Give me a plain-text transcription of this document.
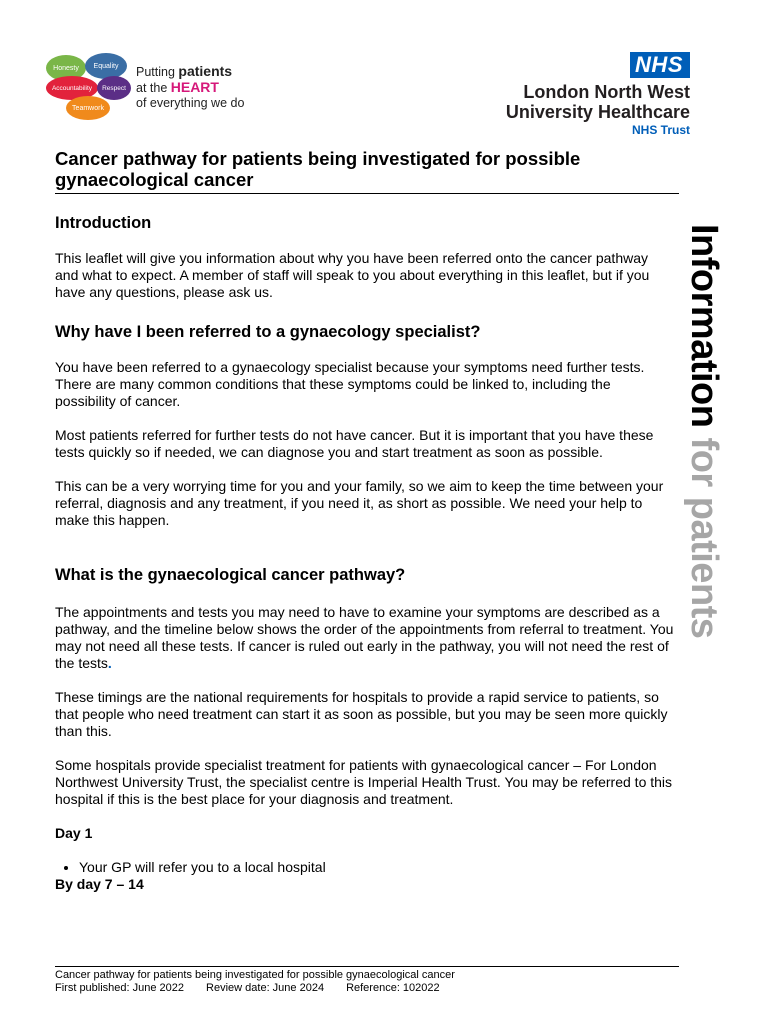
Honesty Equality
Accountability Respect
Teamwork
Putting patients
at the HEART
of everything we do
NHS
London North West
University Healthcare
NHS Trust
Cancer pathway for patients being investigated for possible gynaecological cancer
Information for patients
Introduction

This leaflet will give you information about why you have been referred onto the cancer pathway and what to expect. A member of staff will speak to you about everything in this leaflet, but if you have any questions, please ask us.

Why have I been referred to a gynaecology specialist?

You have been referred to a gynaecology specialist because your symptoms need further tests. There are many common conditions that these symptoms could be linked to, including the possibility of cancer.

Most patients referred for further tests do not have cancer. But it is important that you have these tests quickly so if needed, we can diagnose you and start treatment as soon as possible.

This can be a very worrying time for you and your family, so we aim to keep the time between your referral, diagnosis and any treatment, if you need it, as short as possible. We need your help to make this happen.

What is the gynaecological cancer pathway?

The appointments and tests you may need to have to examine your symptoms are described as a pathway, and the timeline below shows the order of the appointments from referral to treatment. You may not need all these tests. If cancer is ruled out early in the pathway, you will not need the rest of the tests.

These timings are the national requirements for hospitals to provide a rapid service to patients, so that people who need treatment can start it as soon as possible, but you may be seen more quickly than this.

Some hospitals provide specialist treatment for patients with gynaecological cancer – For London Northwest University Trust, the specialist centre is Imperial Health Trust. You may be referred to this hospital if this is the best place for your diagnosis and treatment.

Day 1

• Your GP will refer you to a local hospital

By day 7 – 14

Cancer pathway for patients being investigated for possible gynaecological cancer
First published: June 2022 Review date: June 2024 Reference: 102022
